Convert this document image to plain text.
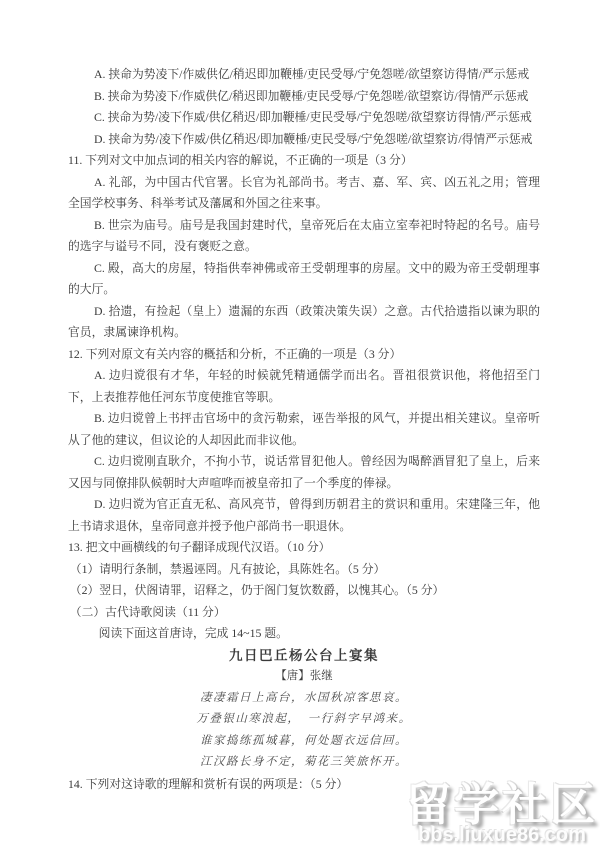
A. 挟命为势凌下/作威供亿/稍迟即加鞭棰/吏民受辱/宁免怨嗟/欲望察访得情/严示惩戒

B. 挟命为势凌下/作威供亿/稍迟即加鞭棰/吏民受辱/宁免怨嗟/欲望察访/得情严示惩戒

C. 挟命为势/凌下作威/供亿稍迟/即加鞭棰/吏民受辱/宁免怨嗟/欲望察访得情/严示惩戒

D. 挟命为势/凌下作威/供亿稍迟/即加鞭棰/吏民受辱/宁免怨嗟/欲望察访/得情严示惩戒

11. 下列对文中加点词的相关内容的解说，不正确的一项是（3 分）

A. 礼部，为中国古代官署。长官为礼部尚书。考吉、嘉、军、宾、凶五礼之用；管理全国学校事务、科举考试及藩属和外国之往来事。

B. 世宗为庙号。庙号是我国封建时代，皇帝死后在太庙立室奉祀时特起的名号。庙号的选字与谥号不同，没有褒贬之意。

C. 殿，高大的房屋，特指供奉神佛或帝王受朝理事的房屋。文中的殿为帝王受朝理事的大厅。

D. 拾遗，有捡起（皇上）遗漏的东西（政策决策失误）之意。古代拾遗指以谏为职的官员，隶属谏诤机构。

12. 下列对原文有关内容的概括和分析，不正确的一项是（3 分）

A. 边归谠很有才华，年轻的时候就凭精通儒学而出名。晋祖很赏识他，将他招至门下，上表推荐他任河东节度使推官等职。

B. 边归谠曾上书抨击官场中的贪污勒索，诬告举报的风气，并提出相关建议。皇帝听从了他的建议，但议论的人却因此而非议他。

C. 边归谠刚直耿介，不拘小节，说话常冒犯他人。曾经因为喝醉酒冒犯了皇上，后来又因与同僚排队候朝时大声喧哗而被皇帝扣了一个季度的俸禄。

D. 边归谠为官正直无私、高风亮节，曾得到历朝君主的赏识和重用。宋建隆三年，他上书请求退休，皇帝同意并授予他户部尚书一职退休。

13. 把文中画横线的句子翻译成现代汉语。（10 分）

（1）请明行条制，禁遏诬罔。凡有披论，具陈姓名。（5 分）

（2）翌日，伏阁请罪，诏释之，仍于阁门复饮数爵，以愧其心。（5 分）

（二）古代诗歌阅读（11 分）

阅读下面这首唐诗，完成 14~15 题。

九日巴丘杨公台上宴集

【唐】张继

凄凄霜日上高台，水国秋凉客思哀。

万叠银山寒浪起，　一行斜字早鸿来。

谁家捣练孤城暮，何处题衣远信回。

江汉路长身不定，菊花三笑旅怀开。

14. 下列对这诗歌的理解和赏析有误的两项是：（5 分）	留学社区
bbs.liuxue86.com
